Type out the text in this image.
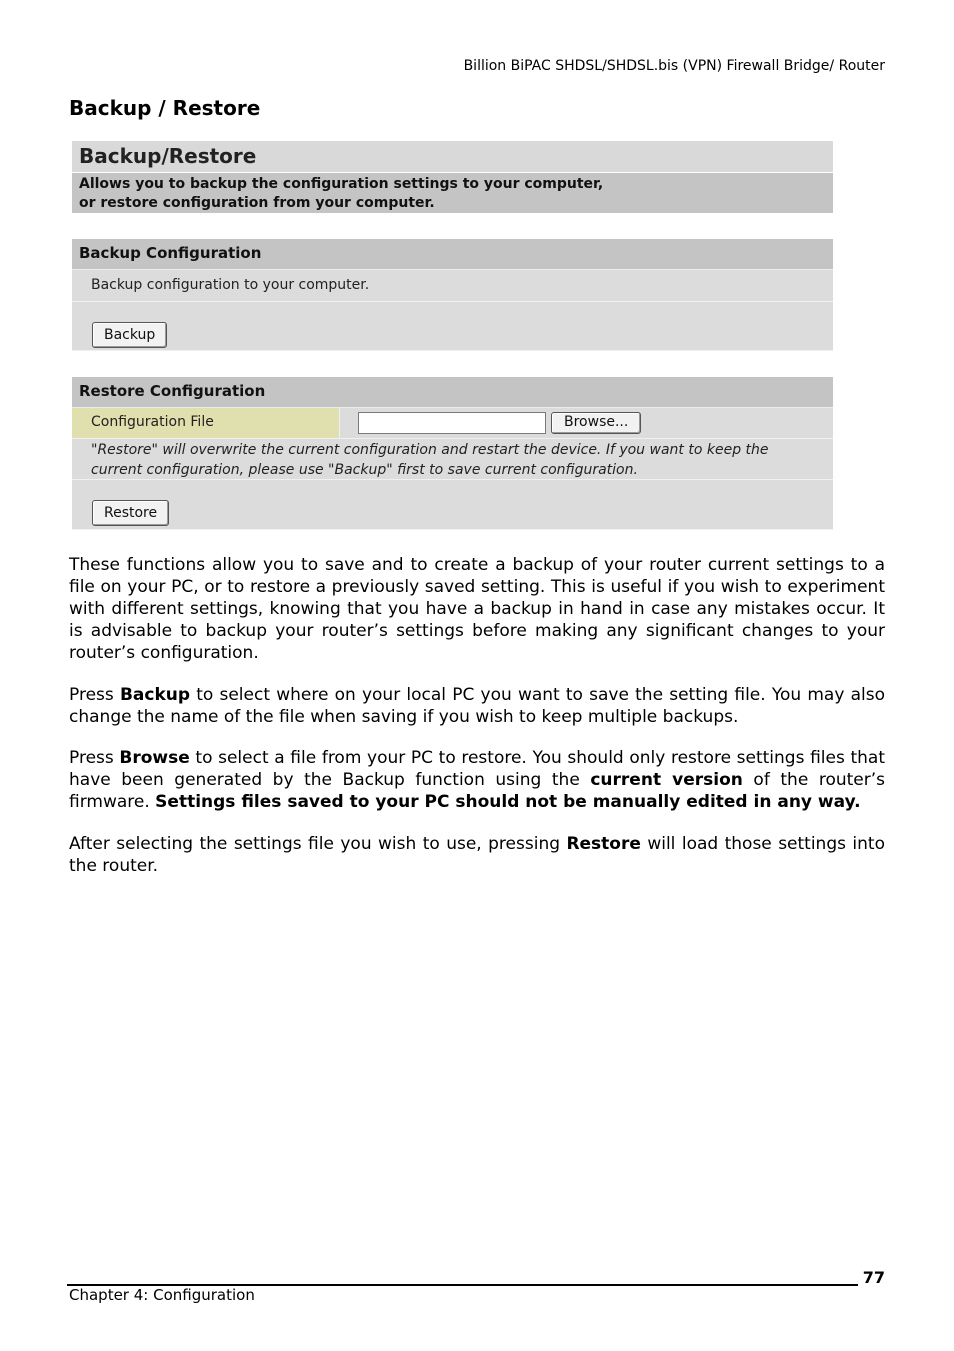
Billion BiPAC SHDSL/SHDSL.bis (VPN) Firewall Bridge/ Router
Backup / Restore
Backup/Restore
Allows you to backup the configuration settings to your computer,
or restore configuration from your computer.
Backup Configuration
Backup configuration to your computer.
Backup
Restore Configuration
Configuration File	Browse...
"Restore" will overwrite the current configuration and restart the device. If you want to keep the current configuration, please use "Backup" first to save current configuration.
Restore
These functions allow you to save and to create a backup of your router current settings to a file on your PC, or to restore a previously saved setting. This is useful if you wish to experiment with different settings, knowing that you have a backup in hand in case any mistakes occur. It is advisable to backup your router’s settings before making any significant changes to your router’s configuration.
Press Backup to select where on your local PC you want to save the setting file. You may also change the name of the file when saving if you wish to keep multiple backups.
Press Browse to select a file from your PC to restore. You should only restore settings files that have been generated by the Backup function using the current version of the router’s firmware. Settings files saved to your PC should not be manually edited in any way.
After selecting the settings file you wish to use, pressing Restore will load those settings into the router.
77
Chapter 4: Configuration
